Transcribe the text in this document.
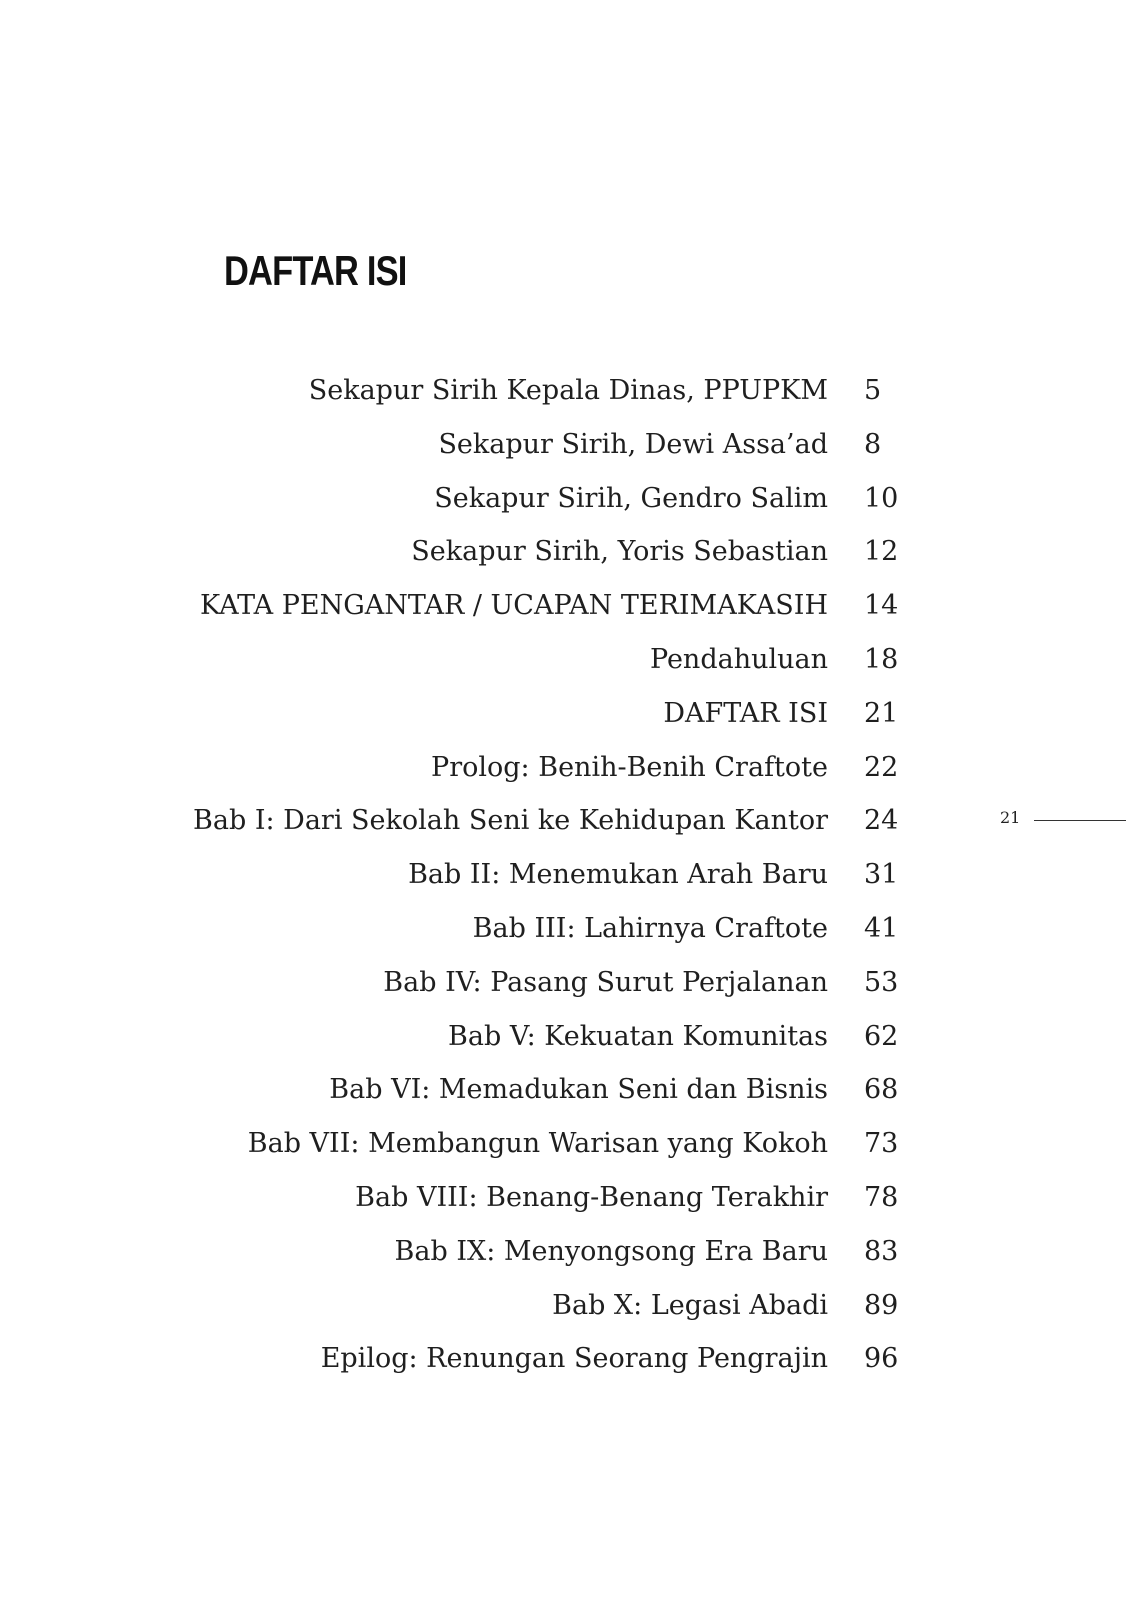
DAFTAR ISI
Sekapur Sirih Kepala Dinas, PPUPKM 5
Sekapur Sirih, Dewi Assa’ad 8
Sekapur Sirih, Gendro Salim 10
Sekapur Sirih, Yoris Sebastian 12
KATA PENGANTAR / UCAPAN TERIMAKASIH 14
Pendahuluan 18
DAFTAR ISI 21
Prolog: Benih-Benih Craftote 22
Bab I: Dari Sekolah Seni ke Kehidupan Kantor 24
Bab II: Menemukan Arah Baru 31
Bab III: Lahirnya Craftote 41
Bab IV: Pasang Surut Perjalanan 53
Bab V: Kekuatan Komunitas 62
Bab VI: Memadukan Seni dan Bisnis 68
Bab VII: Membangun Warisan yang Kokoh 73
Bab VIII: Benang-Benang Terakhir 78
Bab IX: Menyongsong Era Baru 83
Bab X: Legasi Abadi 89
Epilog: Renungan Seorang Pengrajin 96
21
